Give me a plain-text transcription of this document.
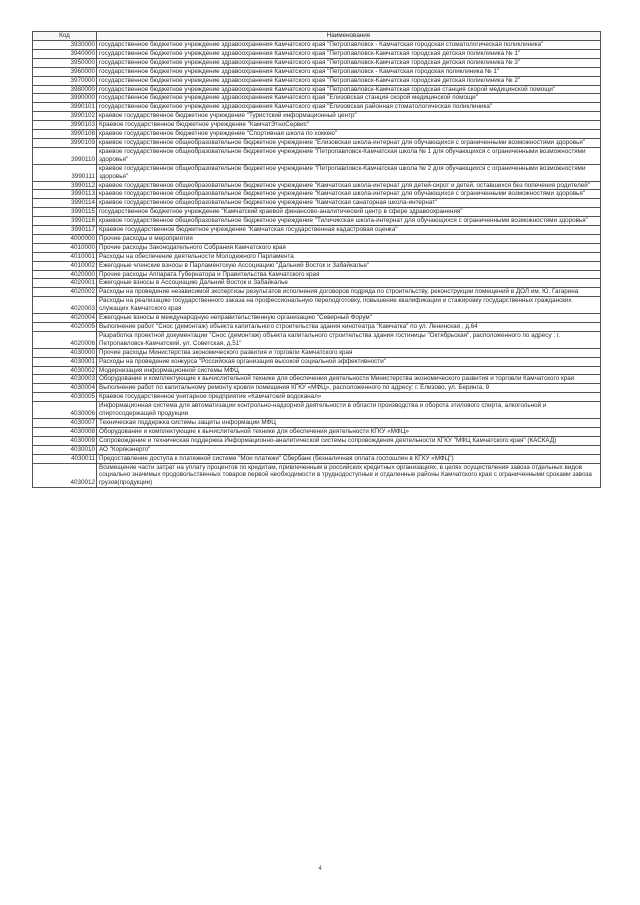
Код	Наименование
3930000	государственное бюджетное учреждение здравоохранения Камчатского края "Петропавловск - Камчатская городская стоматологическая поликлиника"
3940000	государственное бюджетное учреждение здравоохранения Камчатского края "Петропавловск-Камчатская городская детская поликлиника № 1"
3950000	государственное бюджетное учреждение здравоохранения Камчатского края "Петропавловск-Камчатская городская детская поликлиника № 3"
3960000	государственное бюджетное учреждение здравоохранения Камчатского края "Петропавловск - Камчатская городская поликлиника № 1"
3970000	государственное бюджетное учреждение здравоохранения Камчатского края "Петропавловск-Камчатская городская детская поликлиника № 2"
3980000	государственное бюджетное учреждение здравоохранения Камчатского края "Петропавловск-Камчатская городская станция скорой медицинской помощи"
3990000	государственное бюджетное учреждение здравоохранения Камчатского края "Елизовская станция скорой медицинской помощи"
3990101	государственное бюджетное учреждение здравоохранения Камчатского края "Елизовская районная стоматологическая поликлиника"
3990102	краевое государственное бюджетное учреждение "Туристский информационный центр"
3990103	Краевое государственное бюджетное учреждение "КамчатЭтноСервис"
3990108	краевое государственное бюджетное учреждение "Спортивная школа по хоккею"
3990109	краевое государственное общеобразовательное бюджетное учреждение "Елизовская школа-интернат для обучающихся с ограниченными возможностями здоровья"
3990110	краевое государственное общеобразовательное бюджетное учреждение "Петропавловск-Камчатская школа № 1 для обучающихся с ограниченными возможностями здоровья"
3990111	краевое государственное общеобразовательное бюджетное учреждение "Петропавловск-Камчатская школа № 2 для обучающихся с ограниченными возможностями здоровья"
3990112	краевое государственное общеобразовательное бюджетное учреждение "Камчатская школа-интернат для детей-сирот и детей, оставшихся без попечения родителей"
3990113	краевое государственное общеобразовательное бюджетное учреждение "Камчатская школа-интернат для обучающихся с ограниченными возможностями здоровья"
3990114	краевое государственное общеобразовательное бюджетное учреждение "Камчатская санаторная школа-интернат"
3990115	государственное бюджетное учреждение "Камчатский краевой финансово-аналитический центр в сфере здравоохранения"
3990116	краевое государственное общеобразовательное бюджетное учреждение "Тиличикская школа-интернат для обучающихся с ограниченными возможностями здоровья"
3990117	Краевое государственное бюджетное учреждение "Камчатская государственная кадастровая оценка"
4000000	Прочие расходы и мероприятия
4010000	Прочие расходы Законодательного Собрания Камчатского края
4010001	Расходы на обеспечение деятельности Молодежного Парламента
4010002	Ежегодные членские взносы в Парламентскую Ассоциацию "Дальний Восток и Забайкалье"
4020000	Прочие расходы Аппарата Губернатора и Правительства Камчатского края
4020001	Ежегодные взносы в Ассоциацию Дальний Восток и Забайкалье
4020002	Расходы на проведение независимой экспертизы результатов исполнения договоров подряда по строительству, реконструкции помещений в ДОЛ им. Ю. Гагарина
4020003	Расходы на реализацию государственного заказа на профессиональную переподготовку, повышение квалификации и стажировку государственных гражданских служащих Камчатского края
4020004	Ежегодные взносы в международную неправительственную организацию "Северный Форум"
4020005	Выполнение работ "Снос (демонтаж) объекта капитального строительства здания кинотеатра "Камчатка" по ул. Ленинская , д.64
4020006	Разработка проектной документации "Снос (демонтаж) объекта капитального строительства здания гостиницы "Октябрьская", расположенного по адресу : г. Петропавловск-Камчатский, ул. Советская, д.51"
4030000	Прочие расходы Министерства экономического развития и торговли Камчатского края
4030001	Расходы на проведение конкурса "Российская организация высокой социальной эффективности"
4030002	Модернизация информационной системы МФЦ
4030003	Оборудование и комплектующие к вычислительной технике для обеспечения деятельности Министерства экономического развития и торговли Камчатского края
4030004	Выполнение работ по капитальному ремонту кровли помещения КГКУ «МФЦ», расположенного по адресу: г. Елизово, ул. Беринга, 9
4030005	Краевое государственное унитарное предприятие «Камчатский водоканал»
4030006	Информационная система для автоматизации контрольно-надзорной деятельности в области производства и оборота этилового спирта, алкогольной и спиртосодержащей продукции
4030007	Техническая поддержка системы защиты информации МФЦ
4030008	Оборудование и комплектующие к вычислительной технике для обеспечения деятельности КГКУ «МФЦ»
4030009	Сопровождение и техническая поддержка Информационно-аналитической системы сопровождения деятельности КГКУ "МФЦ Камчатского края" (КАСКАД)
4030010	АО "Корякэнерго"
4030011	Предоставление доступа к платежной системе "Мои платежи" Сбербанк (безналичная оплата госпошлин в КГКУ «МФЦ")
4030012	Возмещение части затрат на уплату процентов по кредитам, привлеченным в российских кредитных организациях, в целях осуществления завоза отдельных видов социально значимых продовольственных товаров первой необходимости в труднодоступные и отдаленные районы Камчатского края с ограниченными сроками завоза грузов(продукции)
4
